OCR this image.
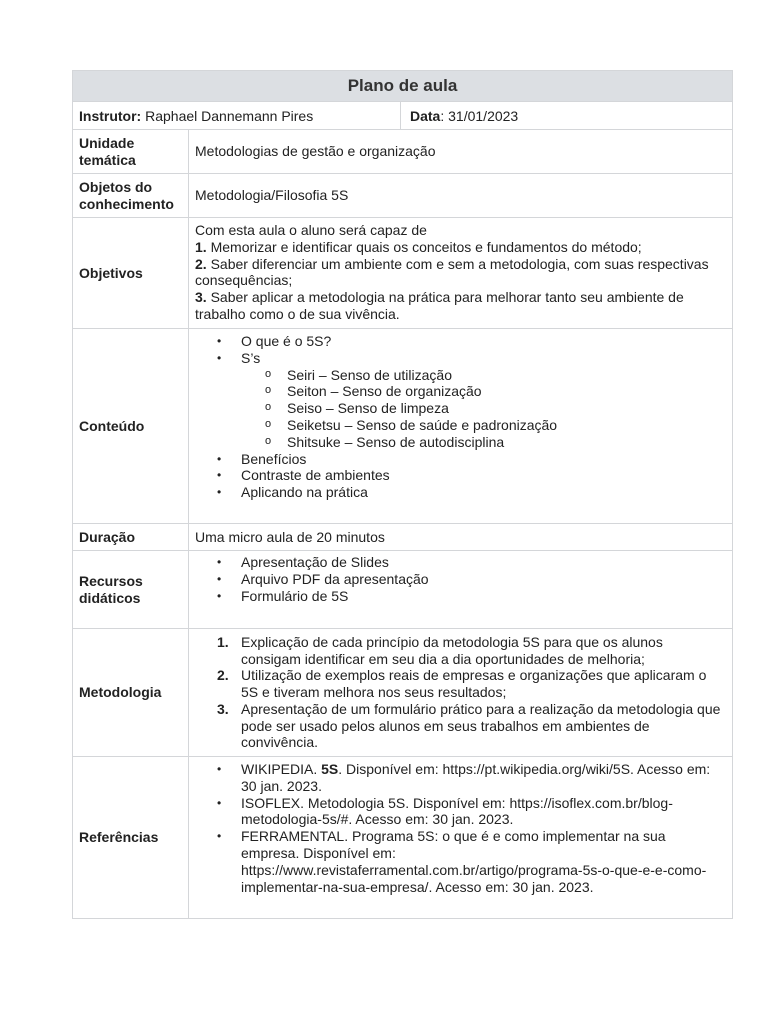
Plano de aula
Instrutor: Raphael Dannemann Pires	Data : 31/01/2023
Unidade temática
Metodologias de gestão e organização
Objetos do conhecimento
Metodologia/Filosofia 5S
Objetivos
Com esta aula o aluno será capaz de
1. Memorizar e identificar quais os conceitos e fundamentos do método;
2. Saber diferenciar um ambiente com e sem a metodologia, com suas respectivas consequências;
3. Saber aplicar a metodologia na prática para melhorar tanto seu ambiente de trabalho como o de sua vivência.
Conteúdo
• O que é o 5S?
• S’s
o Seiri – Senso de utilização
o Seiton – Senso de organização
o Seiso – Senso de limpeza
o Seiketsu – Senso de saúde e padronização
o Shitsuke – Senso de autodisciplina
• Benefícios
• Contraste de ambientes
• Aplicando na prática
Duração	Uma micro aula de 20 minutos
Recursos didáticos
• Apresentação de Slides
• Arquivo PDF da apresentação
• Formulário de 5S
Metodologia
1. Explicação de cada princípio da metodologia 5S para que os alunos consigam identificar em seu dia a dia oportunidades de melhoria;
2. Utilização de exemplos reais de empresas e organizações que aplicaram o 5S e tiveram melhora nos seus resultados;
3. Apresentação de um formulário prático para a realização da metodologia que pode ser usado pelos alunos em seus trabalhos em ambientes de convivência.
Referências
• WIKIPEDIA. 5S. Disponível em: https://pt.wikipedia.org/wiki/5S. Acesso em: 30 jan. 2023.
• ISOFLEX. Metodologia 5S. Disponível em: https://isoflex.com.br/blog-metodologia-5s/#. Acesso em: 30 jan. 2023.
• FERRAMENTAL. Programa 5S: o que é e como implementar na sua empresa. Disponível em: https://www.revistaferramental.com.br/artigo/programa-5s-o-que-e-e-como-implementar-na-sua-empresa/. Acesso em: 30 jan. 2023.
